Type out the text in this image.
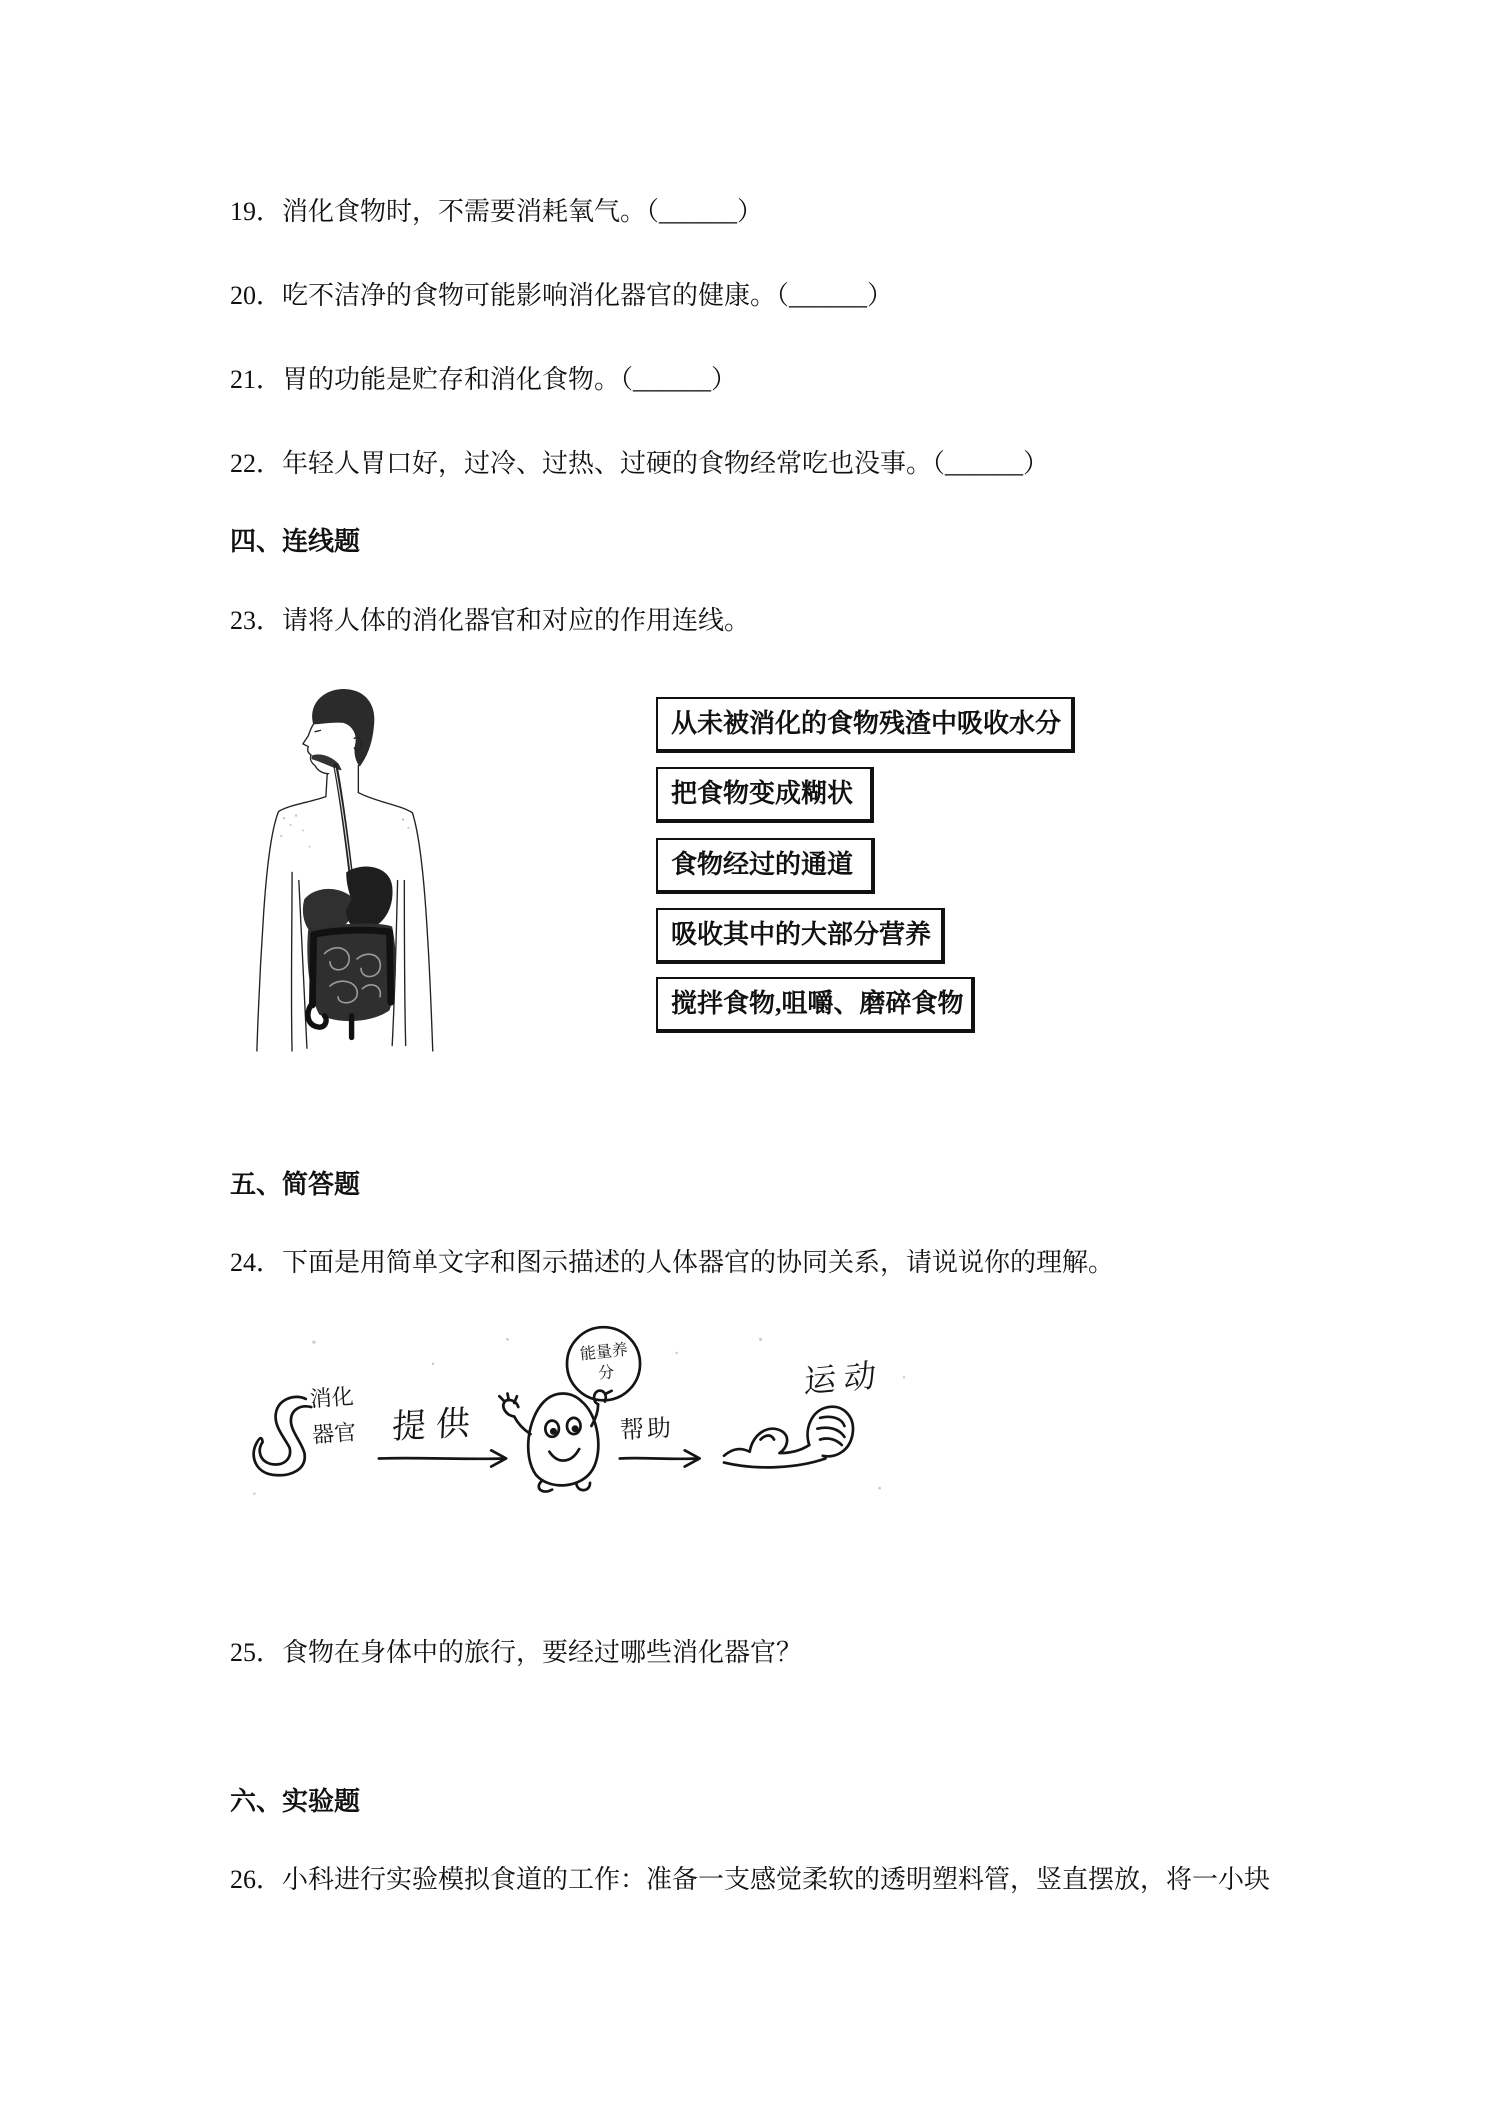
19．消化食物时，不需要消耗氧气。（______）
20．吃不洁净的食物可能影响消化器官的健康。（______）
21．胃的功能是贮存和消化食物。（______）
22．年轻人胃口好，过冷、过热、过硬的食物经常吃也没事。（______）
四、连线题
23．请将人体的消化器官和对应的作用连线。
从未被消化的食物残渣中吸收水分
把食物变成糊状
食物经过的通道
吸收其中的大部分营养
搅拌食物,咀嚼、磨碎食物
五、简答题
24．下面是用简单文字和图示描述的人体器官的协同关系，请说说你的理解。
消化器官 提供
能量养分
帮助
运动
25．食物在身体中的旅行，要经过哪些消化器官？
六、实验题
26．小科进行实验模拟食道的工作：准备一支感觉柔软的透明塑料管，竖直摆放，将一小块
